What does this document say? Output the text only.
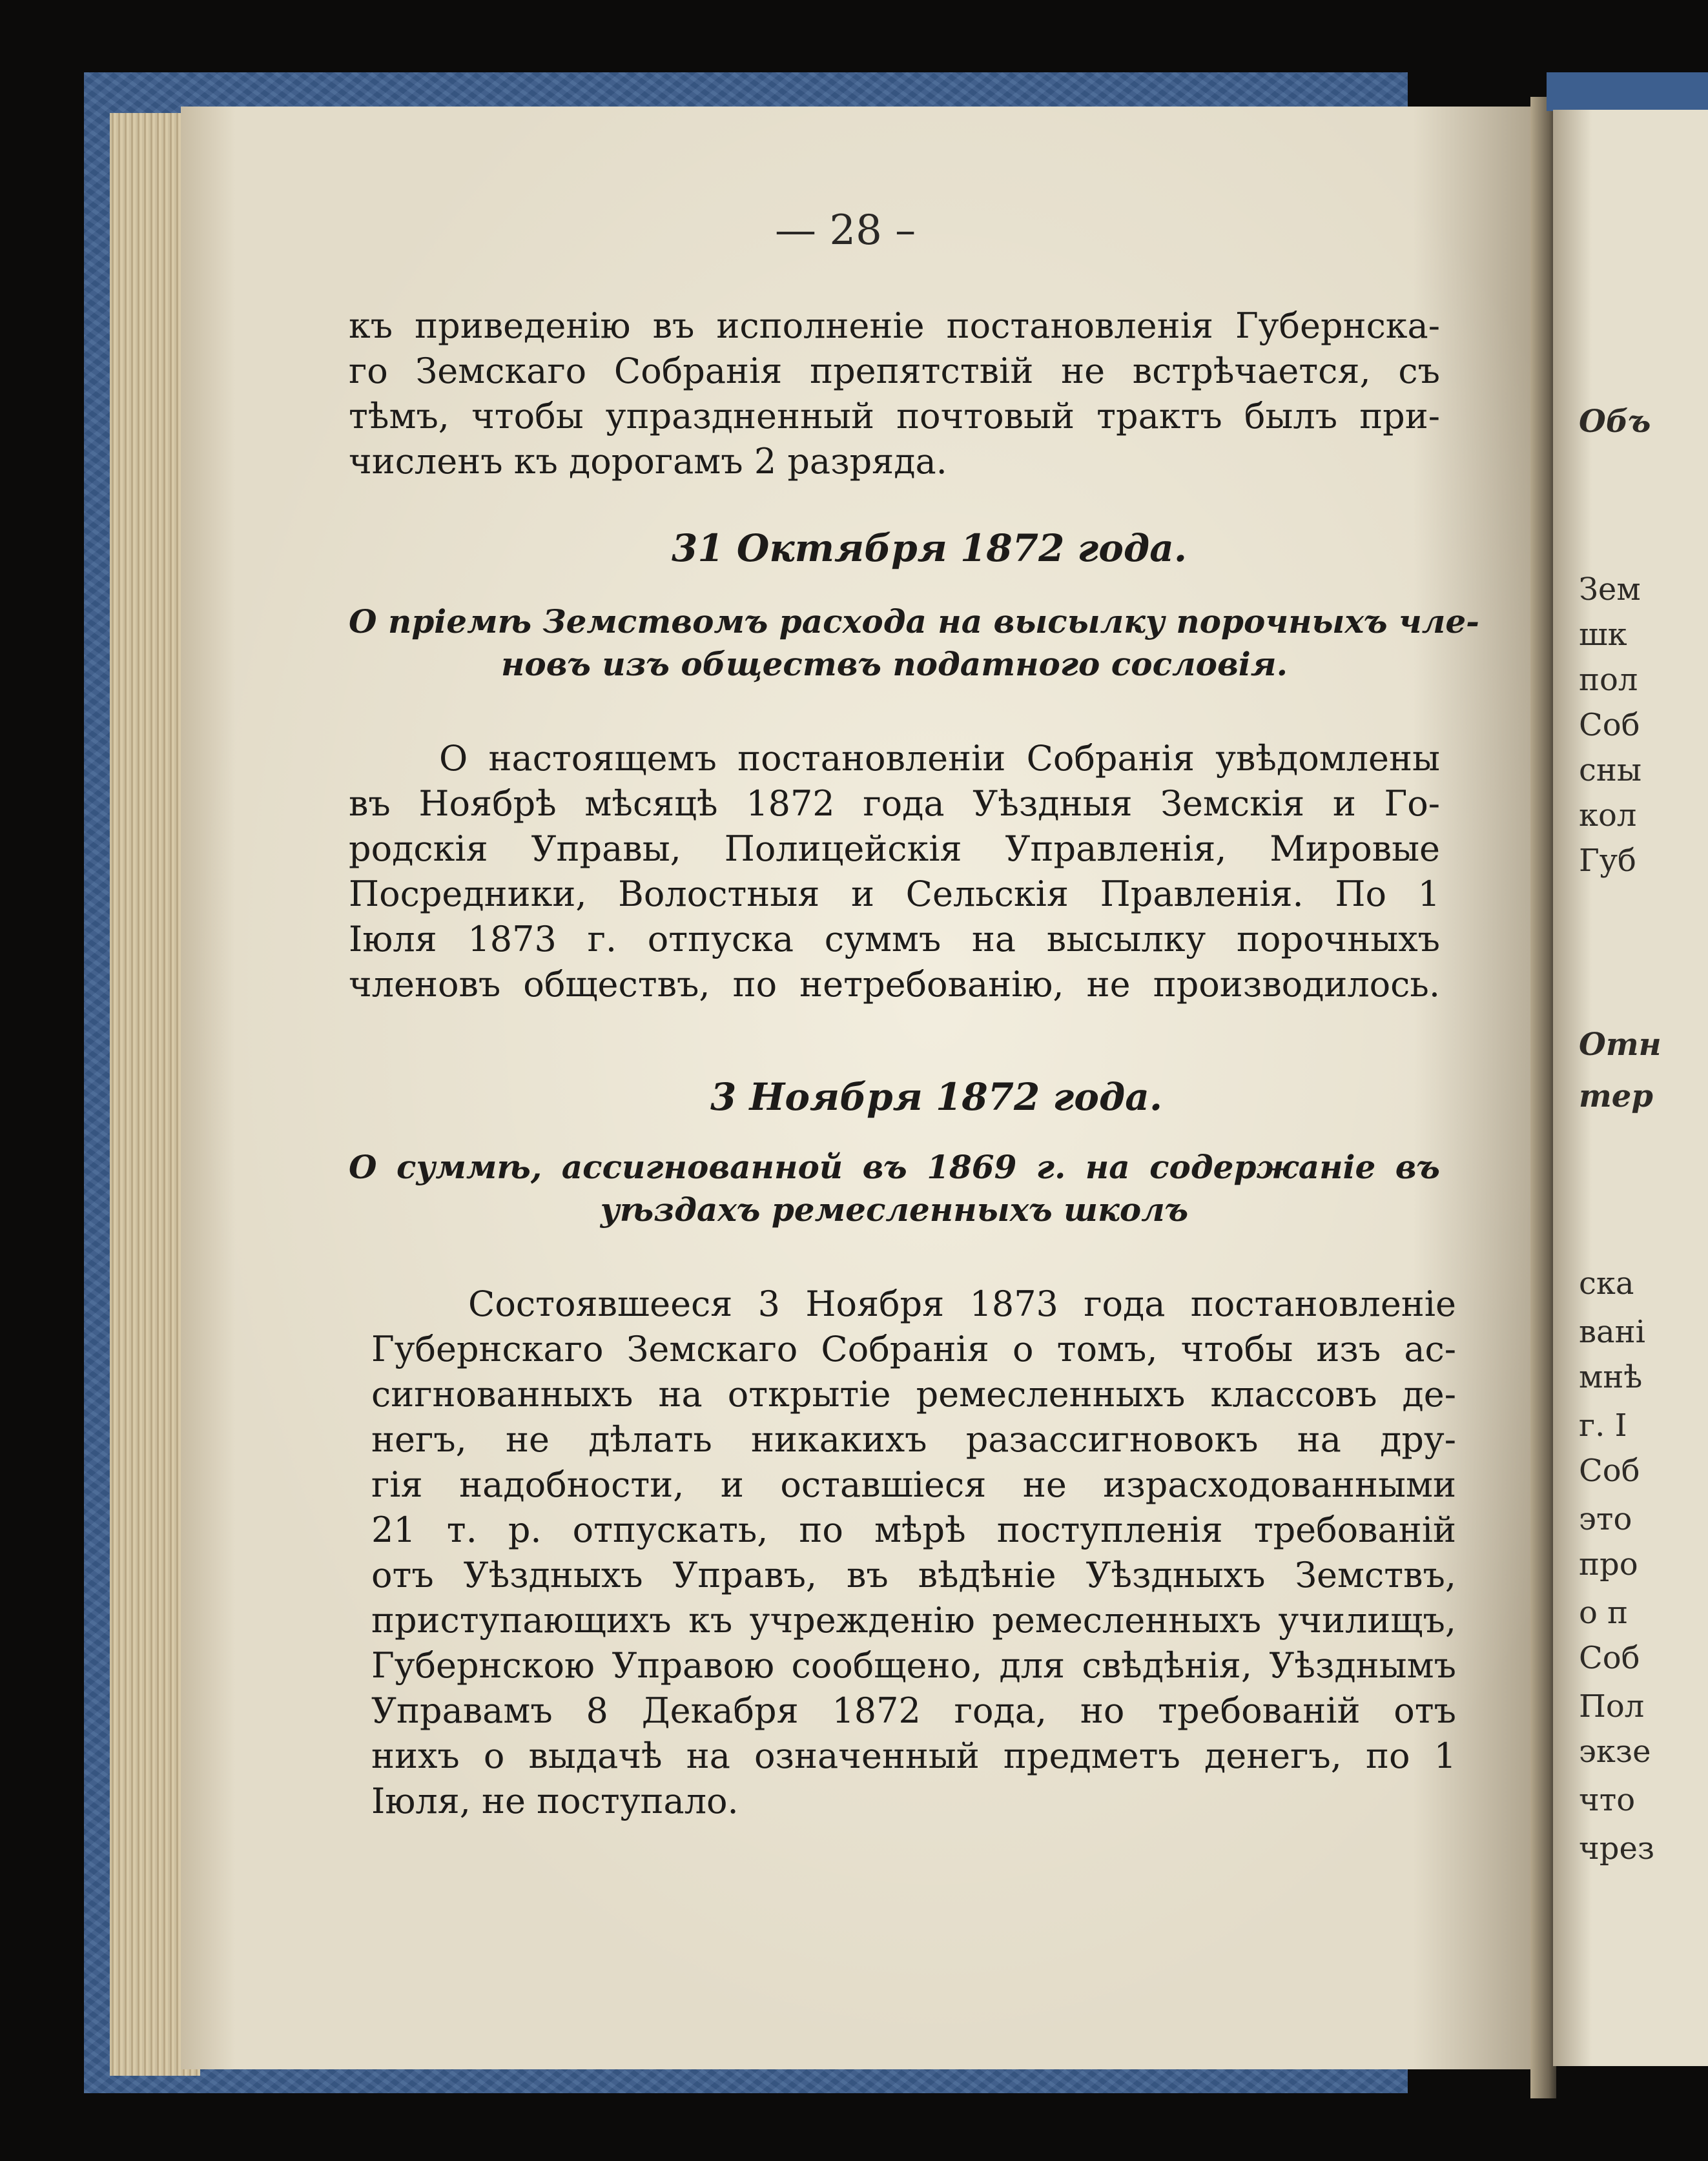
Объ
Зем
шк
пол
Соб
сны
кол
Губ
Отн
тер
ска
вані
мнѣ
г. І
Соб
это
про
о п
Соб
Пол
экзе
что
чрез
— 28 –
къ приведенію въ исполненіе постановленія Губернска-
го Земскаго Собранія препятствій не встрѣчается, съ
тѣмъ, чтобы упраздненный почтовый трактъ былъ при-
численъ къ дорогамъ 2 разряда.
31 Октября 1872 года.
О пріемѣ Земствомъ расхода на высылку порочныхъ чле-
новъ изъ обществъ податного сословія.
О настоящемъ постановленіи Собранія увѣдомлены
въ Ноябрѣ мѣсяцѣ 1872 года Уѣздныя Земскія и Го-
родскія Управы, Полицейскія Управленія, Мировые
Посредники, Волостныя и Сельскія Правленія. По 1
Іюля 1873 г. отпуска суммъ на высылку порочныхъ
членовъ обществъ, по нетребованію, не производилось.
3 Ноября 1872 года.
О суммѣ, ассигнованной въ 1869 г. на содержаніе въ
уѣздахъ ремесленныхъ школъ
Состоявшееся 3 Ноября 1873 года постановленіе
Губернскаго Земскаго Собранія о томъ, чтобы изъ ас-
сигнованныхъ на открытіе ремесленныхъ классовъ де-
негъ, не дѣлать никакихъ разассигновокъ на дру-
гія надобности, и оставшіеся не израсходованными
21 т. р. отпускать, по мѣрѣ поступленія требованій
отъ Уѣздныхъ Управъ, въ вѣдѣніе Уѣздныхъ Земствъ,
приступающихъ къ учрежденію ремесленныхъ училищъ,
Губернскою Управою сообщено, для свѣдѣнія, Уѣзднымъ
Управамъ 8 Декабря 1872 года, но требованій отъ
нихъ о выдачѣ на означенный предметъ денегъ, по 1
Іюля, не поступало.
